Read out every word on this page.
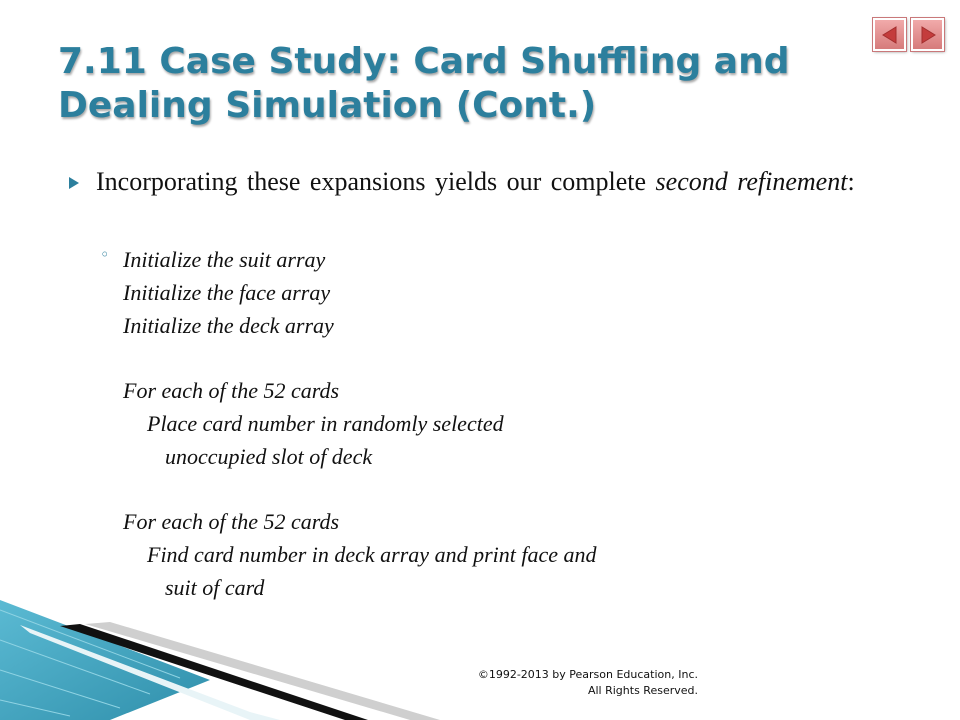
7.11 Case Study: Card Shuffling and Dealing Simulation (Cont.)

Incorporating these expansions yields our complete second refinement:

◦ Initialize the suit array
Initialize the face array
Initialize the deck array
For each of the 52 cards
Place card number in randomly selected
unoccupied slot of deck
For each of the 52 cards
Find card number in deck array and print face and
suit of card
©1992-2013 by Pearson Education, Inc.
All Rights Reserved.
